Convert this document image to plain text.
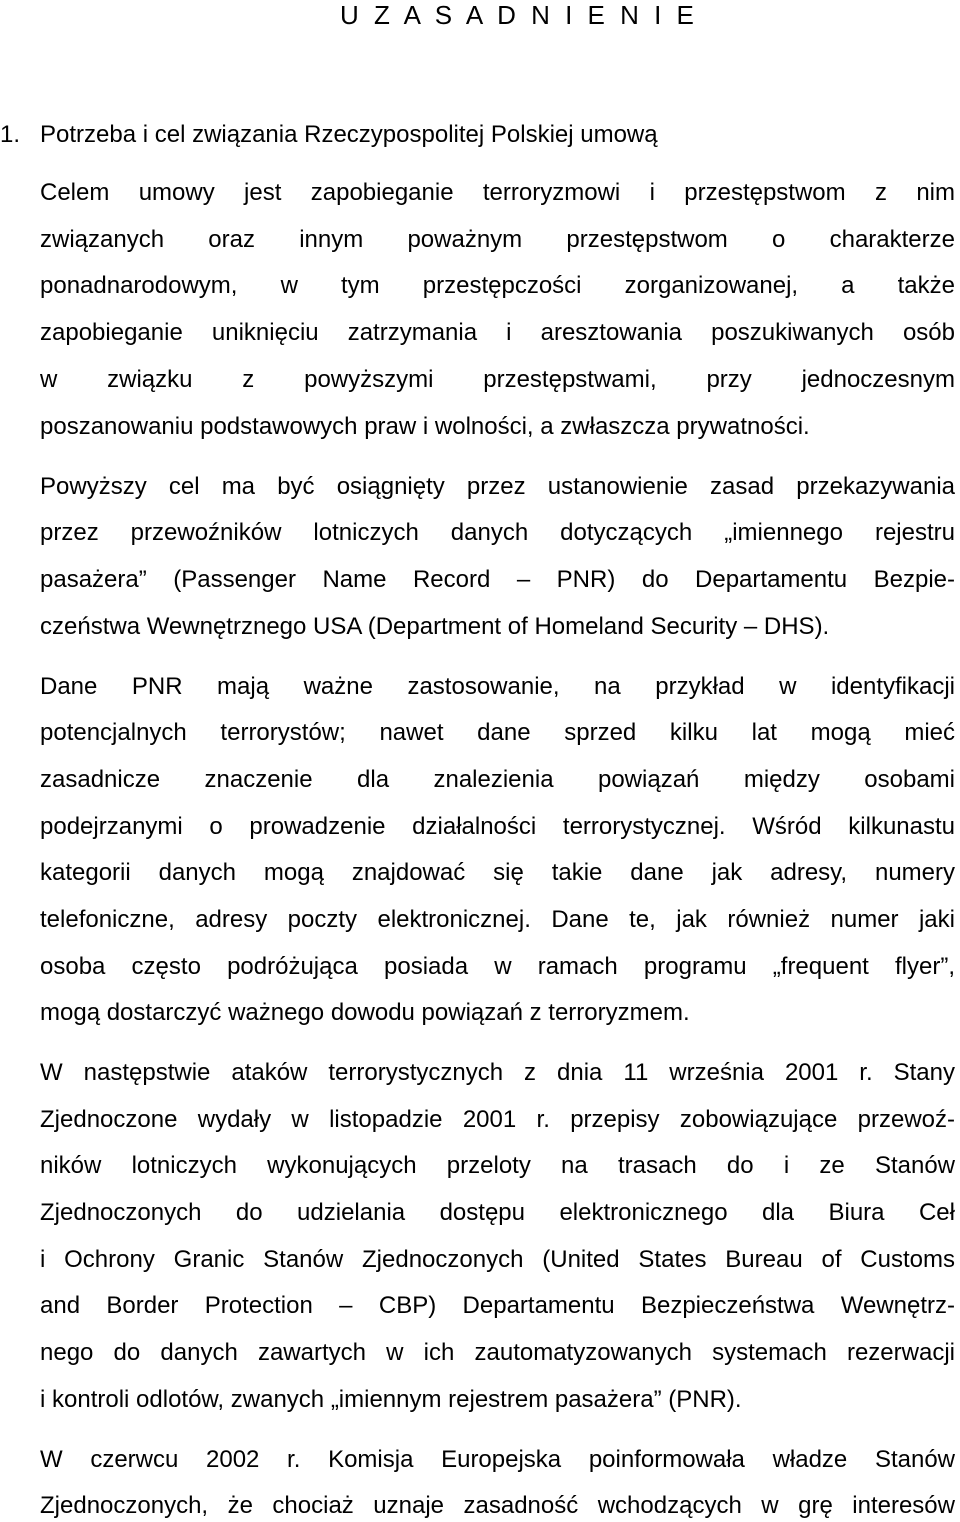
U Z A S A D N I E N I E
1. Potrzeba i cel związania Rzeczypospolitej Polskiej umową
Celem umowy jest zapobieganie terroryzmowi i przestępstwom z nim
związanych oraz innym poważnym przestępstwom o charakterze
ponadnarodowym, w tym przestępczości zorganizowanej, a także
zapobieganie uniknięciu zatrzymania i aresztowania poszukiwanych osób
w związku z powyższymi przestępstwami, przy jednoczesnym
poszanowaniu podstawowych praw i wolności, a zwłaszcza prywatności.
Powyższy cel ma być osiągnięty przez ustanowienie zasad przekazywania
przez przewoźników lotniczych danych dotyczących „imiennego rejestru
pasażera” (Passenger Name Record – PNR) do Departamentu Bezpie-
czeństwa Wewnętrznego USA (Department of Homeland Security – DHS).
Dane PNR mają ważne zastosowanie, na przykład w identyfikacji
potencjalnych terrorystów; nawet dane sprzed kilku lat mogą mieć
zasadnicze znaczenie dla znalezienia powiązań między osobami
podejrzanymi o prowadzenie działalności terrorystycznej. Wśród kilkunastu
kategorii danych mogą znajdować się takie dane jak adresy, numery
telefoniczne, adresy poczty elektronicznej. Dane te, jak również numer jaki
osoba często podróżująca posiada w ramach programu „frequent flyer”,
mogą dostarczyć ważnego dowodu powiązań z terroryzmem.
W następstwie ataków terrorystycznych z dnia 11 września 2001 r. Stany
Zjednoczone wydały w listopadzie 2001 r. przepisy zobowiązujące przewoź-
ników lotniczych wykonujących przeloty na trasach do i ze Stanów
Zjednoczonych do udzielania dostępu elektronicznego dla Biura Ceł
i Ochrony Granic Stanów Zjednoczonych (United States Bureau of Customs
and Border Protection – CBP) Departamentu Bezpieczeństwa Wewnętrz-
nego do danych zawartych w ich zautomatyzowanych systemach rezerwacji
i kontroli odlotów, zwanych „imiennym rejestrem pasażera” (PNR).
W czerwcu 2002 r. Komisja Europejska poinformowała władze Stanów
Zjednoczonych, że chociaż uznaje zasadność wchodzących w grę interesów
